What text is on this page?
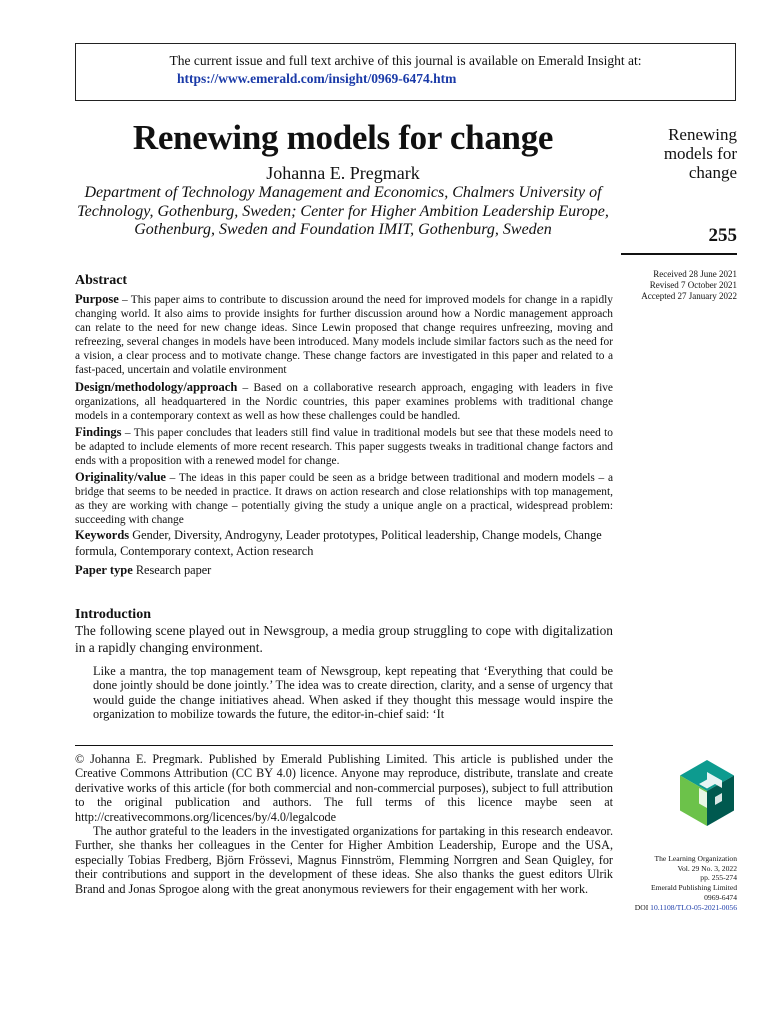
The current issue and full text archive of this journal is available on Emerald Insight at:
https://www.emerald.com/insight/0969-6474.htm
Renewing models for change
Johanna E. Pregmark
Department of Technology Management and Economics, Chalmers University of Technology, Gothenburg, Sweden; Center for Higher Ambition Leadership Europe, Gothenburg, Sweden and Foundation IMIT, Gothenburg, Sweden
Renewing
models for
change
255
Received 28 June 2021
Revised 7 October 2021
Accepted 27 January 2022
Abstract

Purpose – This paper aims to contribute to discussion around the need for improved models for change in a rapidly changing world. It also aims to provide insights for further discussion around how a Nordic management approach can relate to the need for new change ideas. Since Lewin proposed that change requires unfreezing, moving and refreezing, several changes in models have been introduced. Many models include similar factors such as the need for a vision, a clear process and to motivate change. These change factors are investigated in this paper and related to a fast-paced, uncertain and volatile environment

Design/methodology/approach – Based on a collaborative research approach, engaging with leaders in five organizations, all headquartered in the Nordic countries, this paper examines problems with traditional change models in a contemporary context as well as how these challenges could be handled.

Findings – This paper concludes that leaders still find value in traditional models but see that these models need to be adapted to include elements of more recent research. This paper suggests tweaks in traditional change factors and ends with a proposition with a renewed model for change.

Originality/value – The ideas in this paper could be seen as a bridge between traditional and modern models – a bridge that seems to be needed in practice. It draws on action research and close relationships with top management, as they are working with change – potentially giving the study a unique angle on a practical, widespread problem: succeeding with change

Keywords Gender, Diversity, Androgyny, Leader prototypes, Political leadership, Change models, Change formula, Contemporary context, Action research
Paper type Research paper
Introduction
The following scene played out in Newsgroup, a media group struggling to cope with digitalization in a rapidly changing environment.
Like a mantra, the top management team of Newsgroup, kept repeating that ‘Everything that could be done jointly should be done jointly.’ The idea was to create direction, clarity, and a sense of urgency that would guide the change initiatives ahead. When asked if they thought this message would inspire the organization to mobilize towards the future, the editor-in-chief said: ‘It

© Johanna E. Pregmark. Published by Emerald Publishing Limited. This article is published under the Creative Commons Attribution (CC BY 4.0) licence. Anyone may reproduce, distribute, translate and create derivative works of this article (for both commercial and non-commercial purposes), subject to full attribution to the original publication and authors. The full terms of this licence maybe seen at http://creativecommons.org/licences/by/4.0/legalcode

The author grateful to the leaders in the investigated organizations for partaking in this research endeavor. Further, she thanks her colleagues in the Center for Higher Ambition Leadership, Europe and the USA, especially Tobias Fredberg, Björn Frössevi, Magnus Finnström, Flemming Norrgren and Sean Quigley, for their contributions and support in the development of these ideas. She also thanks the guest editors Ulrik Brand and Jonas Sprogoe along with the great anonymous reviewers for their engagement with her work.

The Learning Organization
Vol. 29 No. 3, 2022
pp. 255-274
Emerald Publishing Limited
0969-6474
DOI 10.1108/TLO-05-2021-0056
